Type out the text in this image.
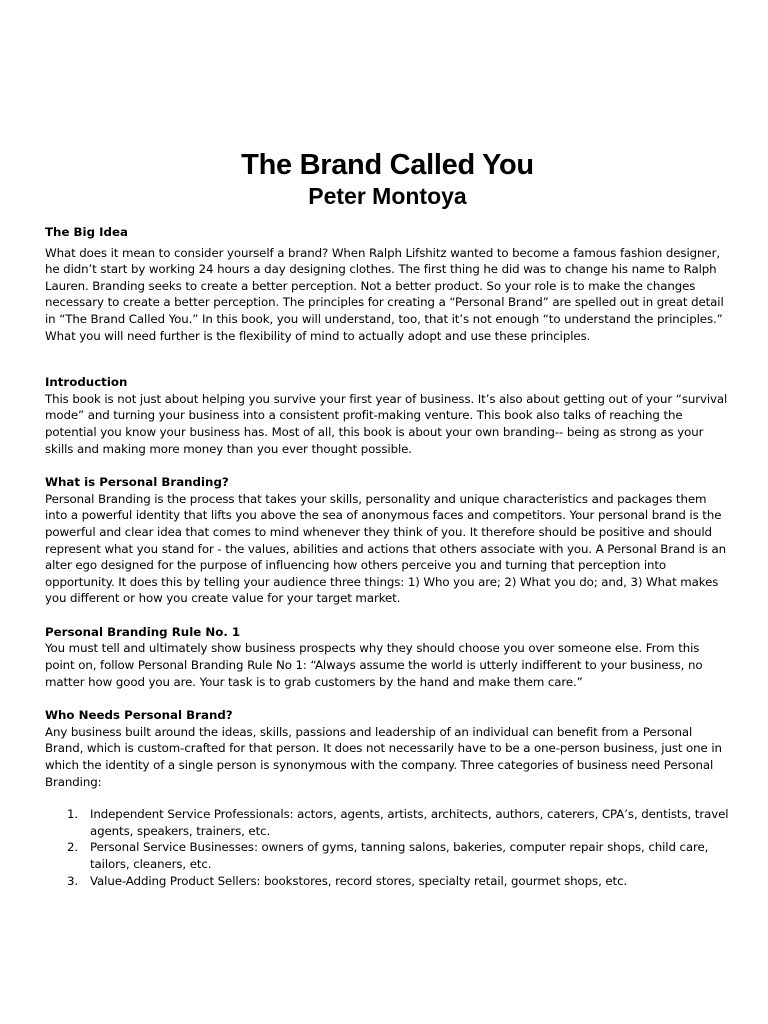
The Brand Called You
Peter Montoya

The Big Idea

What does it mean to consider yourself a brand? When Ralph Lifshitz wanted to become a famous fashion designer, he didn’t start by working 24 hours a day designing clothes. The first thing he did was to change his name to Ralph Lauren. Branding seeks to create a better perception. Not a better product. So your role is to make the changes necessary to create a better perception. The principles for creating a “Personal Brand” are spelled out in great detail in “The Brand Called You.” In this book, you will understand, too, that it’s not enough “to understand the principles.” What you will need further is the flexibility of mind to actually adopt and use these principles.

Introduction

This book is not just about helping you survive your first year of business. It’s also about getting out of your “survival mode” and turning your business into a consistent profit-making venture. This book also talks of reaching the potential you know your business has. Most of all, this book is about your own branding-- being as strong as your skills and making more money than you ever thought possible.

What is Personal Branding?

Personal Branding is the process that takes your skills, personality and unique characteristics and packages them into a powerful identity that lifts you above the sea of anonymous faces and competitors. Your personal brand is the powerful and clear idea that comes to mind whenever they think of you. It therefore should be positive and should represent what you stand for - the values, abilities and actions that others associate with you. A Personal Brand is an alter ego designed for the purpose of influencing how others perceive you and turning that perception into opportunity. It does this by telling your audience three things: 1) Who you are; 2) What you do; and, 3) What makes you different or how you create value for your target market.

Personal Branding Rule No. 1

You must tell and ultimately show business prospects why they should choose you over someone else. From this point on, follow Personal Branding Rule No 1: “Always assume the world is utterly indifferent to your business, no matter how good you are. Your task is to grab customers by the hand and make them care.”

Who Needs Personal Brand?

Any business built around the ideas, skills, passions and leadership of an individual can benefit from a Personal Brand, which is custom-crafted for that person. It does not necessarily have to be a one-person business, just one in which the identity of a single person is synonymous with the company. Three categories of business need Personal Branding:

1. Independent Service Professionals: actors, agents, artists, architects, authors, caterers, CPA’s, dentists, travel agents, speakers, trainers, etc.
2. Personal Service Businesses: owners of gyms, tanning salons, bakeries, computer repair shops, child care, tailors, cleaners, etc.
3. Value-Adding Product Sellers: bookstores, record stores, specialty retail, gourmet shops, etc.
